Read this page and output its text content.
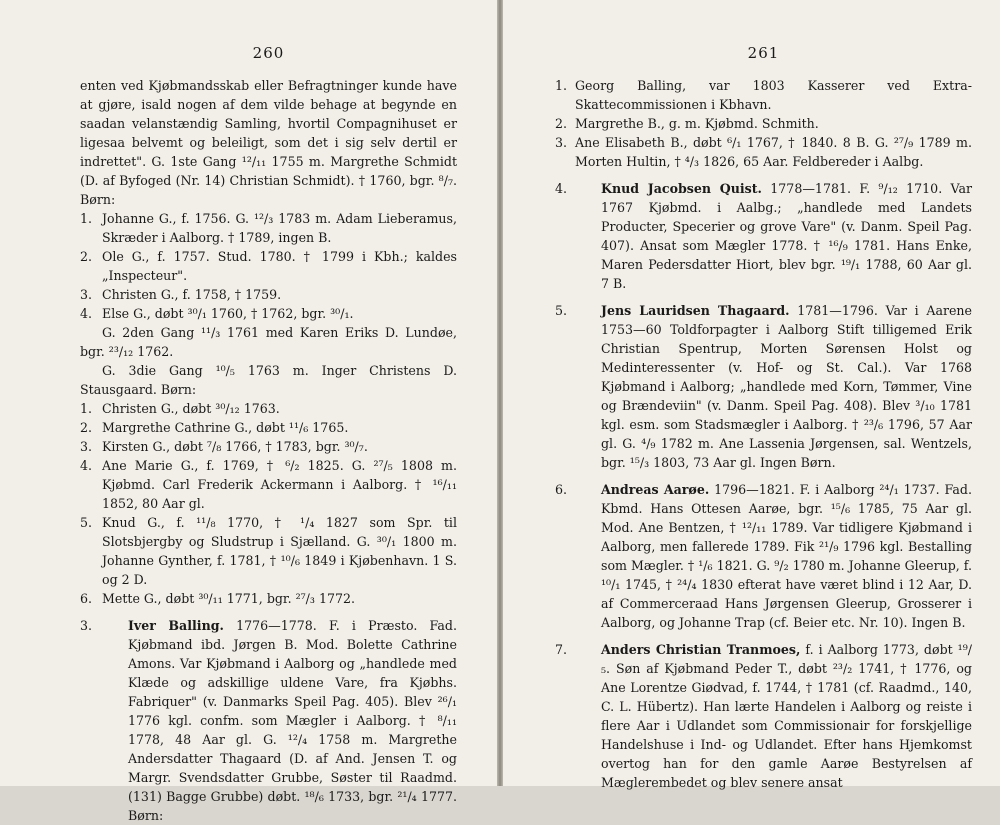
260

enten ved Kjøbmandsskab eller Befragtninger kunde have at gjøre, isald nogen af dem vilde behage at begynde en saadan velanstændig Samling, hvortil Compagnihuset er ligesaa belvemt og beleiligt, som det i sig selv dertil er indrettet". G. 1ste Gang ¹²/₁₁ 1755 m. Margrethe Schmidt (D. af Byfoged (Nr. 14) Christian Schmidt). † 1760, bgr. ⁸/₇. Børn:

1. Johanne G., f. 1756. G. ¹²/₃ 1783 m. Adam Lieberamus, Skræder i Aalborg. † 1789, ingen B.
2. Ole G., f. 1757. Stud. 1780. † 1799 i Kbh.; kaldes „Inspecteur".
3. Christen G., f. 1758, † 1759.
4. Else G., døbt ³⁰/₁ 1760, † 1762, bgr. ³⁰/₁.

G. 2den Gang ¹¹/₃ 1761 med Karen Eriks D. Lundøe, bgr. ²³/₁₂ 1762.

G. 3die Gang ¹⁰/₅ 1763 m. Inger Christens D. Stausgaard. Børn:

1. Christen G., døbt ³⁰/₁₂ 1763.
2. Margrethe Cathrine G., døbt ¹¹/₆ 1765.
3. Kirsten G., døbt ⁷/₈ 1766, † 1783, bgr. ³⁰/₇.
4. Ane Marie G., f. 1769, † ⁶/₂ 1825. G. ²⁷/₅ 1808 m. Kjøbmd. Carl Frederik Ackermann i Aalborg. † ¹⁶/₁₁ 1852, 80 Aar gl.
5. Knud G., f. ¹¹/₈ 1770, † ¹/₄ 1827 som Spr. til Slotsbjergby og Sludstrup i Sjælland. G. ³⁰/₁ 1800 m. Johanne Gynther, f. 1781, † ¹⁰/₆ 1849 i Kjøbenhavn. 1 S. og 2 D.
6. Mette G., døbt ³⁰/₁₁ 1771, bgr. ²⁷/₃ 1772.
3.	Iver Balling. 1776—1778. F. i Præsto. Fad. Kjøbmand ibd. Jørgen B. Mod. Bolette Cathrine Amons. Var Kjøbmand i Aalborg og „handlede med Klæde og adskillige uldene Vare, fra Kjøbhs. Fabriquer" (v. Danmarks Speil Pag. 405). Blev ²⁶/₁ 1776 kgl. confm. som Mægler i Aalborg. † ⁸/₁₁ 1778, 48 Aar gl. G. ¹²/₄ 1758 m. Margrethe Andersdatter Thagaard (D. af And. Jensen T. og Margr. Svendsdatter Grubbe, Søster til Raadmd. (131) Bagge Grubbe) døbt. ¹⁸/₆ 1733, bgr. ²¹/₄ 1777. Børn:
261
1. Georg Balling, var 1803 Kasserer ved Extra-Skattecommissionen i Kbhavn.
2. Margrethe B., g. m. Kjøbmd. Schmith.
3. Ane Elisabeth B., døbt ⁶/₁ 1767, † 1840. 8 B. G. ²⁷/₉ 1789 m. Morten Hultin, † ⁴/₃ 1826, 65 Aar. Feldbereder i Aalbg.
4.	Knud Jacobsen Quist. 1778—1781. F. ⁹/₁₂ 1710. Var 1767 Kjøbmd. i Aalbg.; „handlede med Landets Producter, Specerier og grove Vare" (v. Danm. Speil Pag. 407). Ansat som Mægler 1778. † ¹⁶/₉ 1781. Hans Enke, Maren Pedersdatter Hiort, blev bgr. ¹⁹/₁ 1788, 60 Aar gl. 7 B.
5.	Jens Lauridsen Thagaard. 1781—1796. Var i Aarene 1753—60 Toldforpagter i Aalborg Stift tilligemed Erik Christian Spentrup, Morten Sørensen Holst og Medinteressenter (v. Hof- og St. Cal.). Var 1768 Kjøbmand i Aalborg; „handlede med Korn, Tømmer, Vine og Brændeviin" (v. Danm. Speil Pag. 408). Blev ³/₁₀ 1781 kgl. esm. som Stadsmægler i Aalborg. † ²³/₆ 1796, 57 Aar gl. G. ⁴/₉ 1782 m. Ane Lassenia Jørgensen, sal. Wentzels, bgr. ¹⁵/₃ 1803, 73 Aar gl. Ingen Børn.
6.	Andreas Aarøe. 1796—1821. F. i Aalborg ²⁴/₁ 1737. Fad. Kbmd. Hans Ottesen Aarøe, bgr. ¹⁵/₆ 1785, 75 Aar gl. Mod. Ane Bentzen, † ¹²/₁₁ 1789. Var tidligere Kjøbmand i Aalborg, men fallerede 1789. Fik ²¹/₉ 1796 kgl. Bestalling som Mægler. † ¹/₆ 1821. G. ⁹/₂ 1780 m. Johanne Gleerup, f. ¹⁰/₁ 1745, † ²⁴/₄ 1830 efterat have været blind i 12 Aar, D. af Commerceraad Hans Jørgensen Gleerup, Grosserer i Aalborg, og Johanne Trap (cf. Beier etc. Nr. 10). Ingen B.
7.	Anders Christian Tranmoes, f. i Aalborg 1773, døbt ¹⁹/₅. Søn af Kjøbmand Peder T., døbt ²³/₂ 1741, † 1776, og Ane Lorentze Giødvad, f. 1744, † 1781 (cf. Raadmd., 140, C. L. Hübertz). Han lærte Handelen i Aalborg og reiste i flere Aar i Udlandet som Commissionair for forskjellige Handelshuse i Ind- og Udlandet. Efter hans Hjemkomst overtog han for den gamle Aarøe Bestyrelsen af Mæglerembedet og blev senere ansat
